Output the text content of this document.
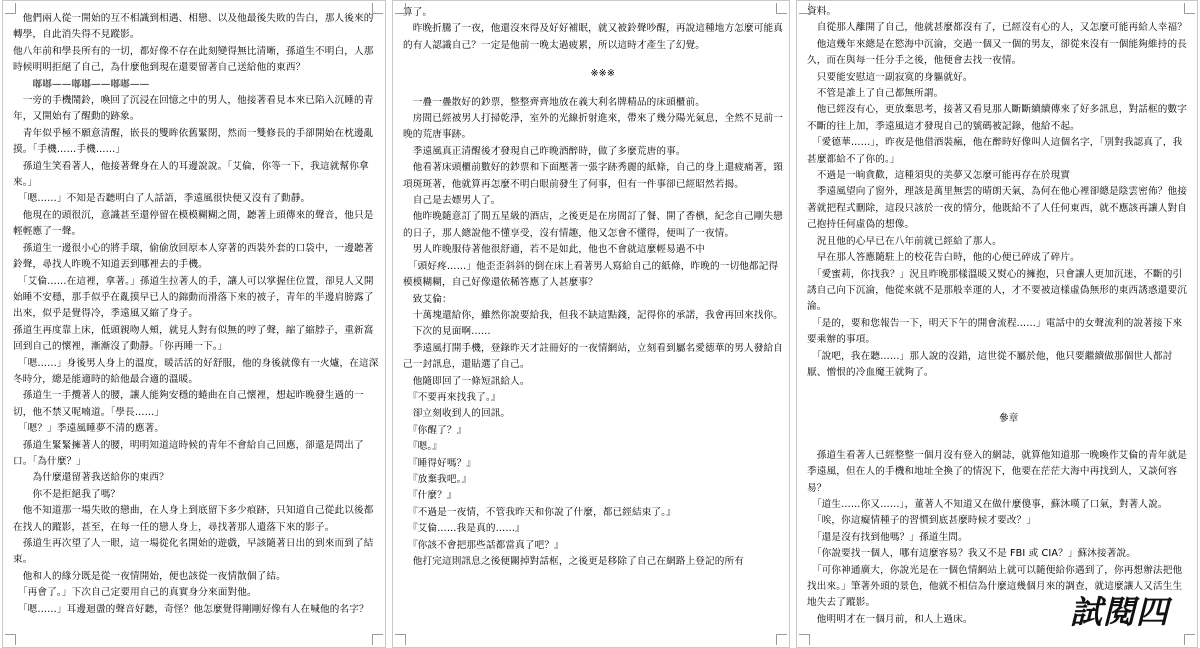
　他們兩人從一開始的互不相識到相遇、相戀、以及他最後失敗的告白，那人後來的轉學，自此消失得不見蹤影。

他八年前和學長所有的一切，都好像不存在此刻變得無比清晰，孫道生不明白，人那時候明明拒絕了自己，為什麼他到現在還要留著自己送給他的東西？

　　嘟嘟——嘟嘟——嘟嘟——

　一旁的手機鬧鈴，喚回了沉浸在回憶之中的男人，他接著看見本來已陷入沉睡的青年，又開始有了醒動的跡象。

　青年似乎極不願意清醒，嵌長的雙眸依舊緊閉，然而一雙修長的手卻開始在枕邊亂摸。「手機……手機……」

　孫道生笑看著人，他接著聲身在人的耳邊說說。「艾倫，你等一下，我這就幫你拿來。」

　「嗯……」不知是否聽明白了人話語，季遠風很快便又沒有了動靜。

　他現在的頭很沉，意識甚至還停留在模模糊糊之間，聽著上頭傳來的聲音，他只是輕輕應了一聲。

　孫道生一邊很小心的將手環，偷偷放回原本人穿著的西裝外套的口袋中，一邊聽著鈴聲，尋找人昨晚不知道丟到哪裡去的手機。

　「艾倫……在這裡，拿著。」孫道生拉著人的手，讓人可以掌握住位置，卻見人又開始睡不安穩，那手似乎在亂摸早已人的錦動而滑落下來的被子，青年的半邊肩膀露了出來，似乎是覺得冷，季遠風又縮了身子。

孫道生再度靠上床，低頭親吻人頰，就見人對有似無的哼了聲，縮了縮脖子，重新窩回到自己的懷裡，漸漸沒了動靜。「你再睡一下。」

　「嗯……」身後男人身上的溫度，暖活活的好舒服，他的身後就像有一火爐，在這深冬時分，總是能適時的給他最合適的溫暖。

　孫道生一手攬著人的腰，讓人能夠安穩的蜷曲在自己懷裡，想起昨晚發生過的一切，他不禁又呢喃道。「學長……」

　「嗯？」季遠風睡夢不清的應著。

　孫道生緊緊擁著人的腰，明明知道這時候的青年不會給自己回應，卻還是問出了口。「為什麼？」

　　為什麼還留著我送給你的東西？

　　你不是拒絕我了嗎？

　他不知道那一場失敗的戀曲，在人身上到底留下多少痕跡，只知道自己從此以後都在找人的蹤影，甚至，在每一任的戀人身上，尋找著那人遺落下來的影子。

　孫道生再次望了人一眼，這一場從化名開始的遊戲，早該隨著日出的到來而到了結束。

　他和人的緣分既是從一夜情開始，便也該從一夜情散個了結。

　「再會了。」下次自己定要用自己的真實身分來面對他。

　「嗯……」耳邊迴盪的聲音好聽，奇怪？他怎麼覺得剛剛好像有人在喊他的名字？

算了。

　昨晚折騰了一夜，他還沒來得及好好補眠，就又被鈴聲吵醒，再說這種地方怎麼可能真的有人認識自己？一定是他前一晚太過疲累，所以這時才產生了幻覺。

　　※※※

　一疊一疊散好的鈔票，整整齊齊地放在義大利名牌精品的床頭櫃前。

　房間已經被男人打掃乾淨，室外的光線折射進來，帶來了幾分陽光氣息，全然不見前一晚的荒唐事跡。

　季遠風真正清醒後才發現自己昨晚酒醉時，做了多麼荒唐的事。

　他看著床頭櫃前數好的鈔票和下面壓著一張字跡秀麗的紙條，自己的身上還疲痛著，頸項斑斑著，他就算再怎麼不明白眼前發生了何事，但有一件事卻已經昭然若揭。

　自己是去嫖男人了。

　他昨晚隨意訂了間五星級的酒店，之後更是在房間訂了餐、開了香檳，紀念自己剛失戀的日子，那人總說他不懂享受，沒有情趣，他又怎會不懂得，便叫了一夜情。

　男人昨晚服侍著他很舒適，若不是如此，他也不會就這麼輕易過不中

　「頭好疼……」他歪歪斜斜的倒在床上看著男人寫給自己的紙條，昨晚的一切他都記得模模糊糊，自己好像還依稀答應了人甚麼事？

　致艾倫：

　十萬塊還給你，雖然你說要給我，但我不缺這點錢，記得你的承諾，我會再回來找你。

　下次的見面啊……

　季遠風打開手機，登錄昨天才註冊好的一夜情網站，立刻看到屬名愛德華的男人發給自己一封訊息，還貼選了自己。

　他隨即回了一條短訊給人。

　『不要再來找我了。』

　卻立刻收到人的回訊。

　『你醒了？』

　『嗯。』

　『睡得好嗎？』

　『放棄我吧。』

　『什麼？』

　『不過是一夜情，不管我昨天和你說了什麼，都已經結束了。』

　『艾倫……我是真的……』

　『你該不會把那些話都當真了吧？』

　他打完這則訊息之後便關掉對話框，之後更是移除了自己在網路上登記的所有

資料。

　自從那人離開了自己，他就甚麼都沒有了，已經沒有心的人，又怎麼可能再給人幸福？

　他這幾年來總是在慾海中沉淪，交過一個又一個的男友，卻從來沒有一個能夠維持的長久，而在與每一任分手之後，他便會去找一夜情。

　只要能安慰這一副寂寞的身軀就好。

　不管是誰上了自己都無所謂。

　他已經沒有心，更放棄思考，接著又看見那人斷斷續續傳來了好多訊息，對話框的數字不斷的往上加，季遠風這才發現自己的號碼被記錄，他給不起。

　「愛德華……」，昨夜是他借酒裝瘋，他在醉時好像叫人這個名字，「別對我認真了，我甚麼都給不了你的。」

　不過是一晌貪歡，這種須臾的美夢又怎麼可能再存在於現實

　季遠風望向了窗外，理該是萬里無雲的晴朗天氣，為何在他心裡卻總是陰雲密佈？他接著就把程式刪除，這段只該於一夜的情分，他既給不了人任何東西，就不應該再讓人對自己抱持任何虛偽的想像。

　況且他的心早已在八年前就已經給了那人。

　早在那人答應隨駐上的校花告白時，他的心便已碎成了碎片。

　「愛蜜莉，你找我？」況且昨晚那樣溫暖又熨心的擁抱，只會讓人更加沉迷，不斷的引誘自己向下沉淪，他從來就不是那般幸運的人，才不要被這樣虛偽無形的東西誘惑還要沉淪。

　「是的，要和您報告一下，明天下午的開會流程……」電話中的女聲流利的說著接下來要乘辦的事項。

　「說吧，我在聽……」那人說的沒錯，這世從不屬於他，他只要繼續做那個世人都討厭、憎恨的冷血魔王就夠了。

　　參章

　孫道生看著人已經整整一個月沒有登入的網誌，就算他知道那一晚喚作艾倫的青年就是季遠風，但在人的手機和地址全換了的情況下，他要在茫茫大海中再找到人，又談何容易？

　「道生……你又……」，董著人不知道又在做什麼傻事，蘇沐嘆了口氣，對著人說。

　「唉，你這癡情種子的習慣到底甚麼時候才要改？」

　「還是沒有找到他嗎？」孫道生問。

　「你說要找一個人，哪有這麼容易？我又不是 FBI 或 CIA？」蘇沐接著說。

　「可你神通廣大，你說光是在一個色情網站上就可以隨便給你遇到了，你再想辦法把他找出來。」筆著外頭的景色，他就不相信為什麼這幾個月來的調查，就這麼讓人又活生生地失去了蹤影。

　他明明才在一個月前，和人上過床。	試閱四
